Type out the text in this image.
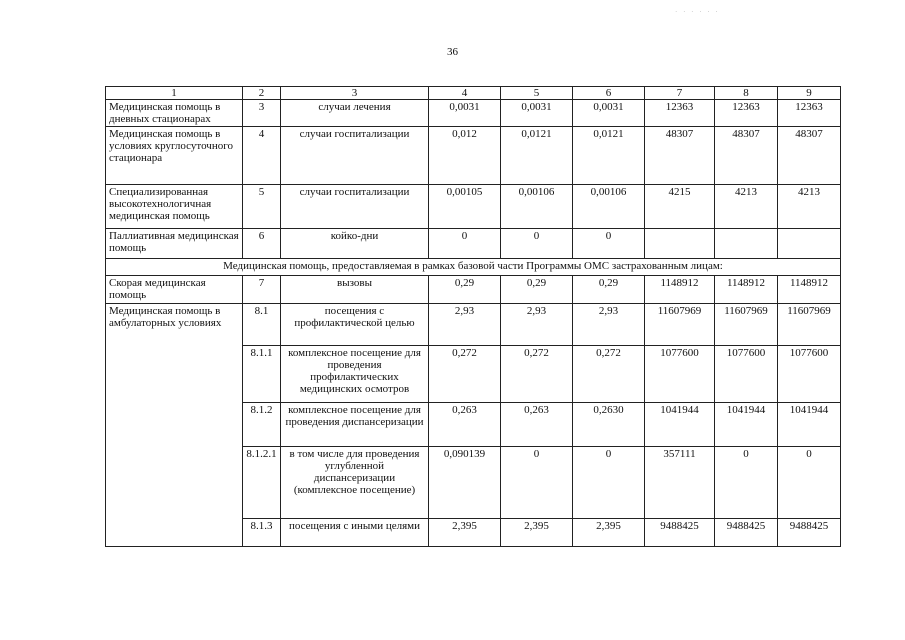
· · · · · ·
36
1	2	3	4	5	6	7	8	9
Медицинская помощь в дневных стационарах	3	случаи лечения	0,0031	0,0031	0,0031	12363	12363	12363
Медицинская помощь в условиях круглосуточного стационара	4	случаи госпитализации	0,012	0,0121	0,0121	48307	48307	48307
Специализированная высокотехнологичная медицинская помощь	5	случаи госпитализации	0,00105	0,00106	0,00106	4215	4213	4213
Паллиативная медицинская помощь	6	койко-дни	0	0	0			
Медицинская помощь, предоставляемая в рамках базовой части Программы ОМС застрахованным лицам:								
Скорая медицинская помощь	7	вызовы	0,29	0,29	0,29	1148912	1148912	1148912
Медицинская помощь в амбулаторных условиях	8.1	посещения с профилактической целью	2,93	2,93	2,93	11607969	11607969	11607969
	8.1.1	комплексное посещение для проведения профилактических медицинских осмотров	0,272	0,272	0,272	1077600	1077600	1077600
	8.1.2	комплексное посещение для проведения диспансеризации	0,263	0,263	0,2630	1041944	1041944	1041944
	8.1.2.1	в том числе для проведения углубленной диспансеризации (комплексное посещение)	0,090139	0	0	357111	0	0
	8.1.3	посещения с иными целями	2,395	2,395	2,395	9488425	9488425	9488425
